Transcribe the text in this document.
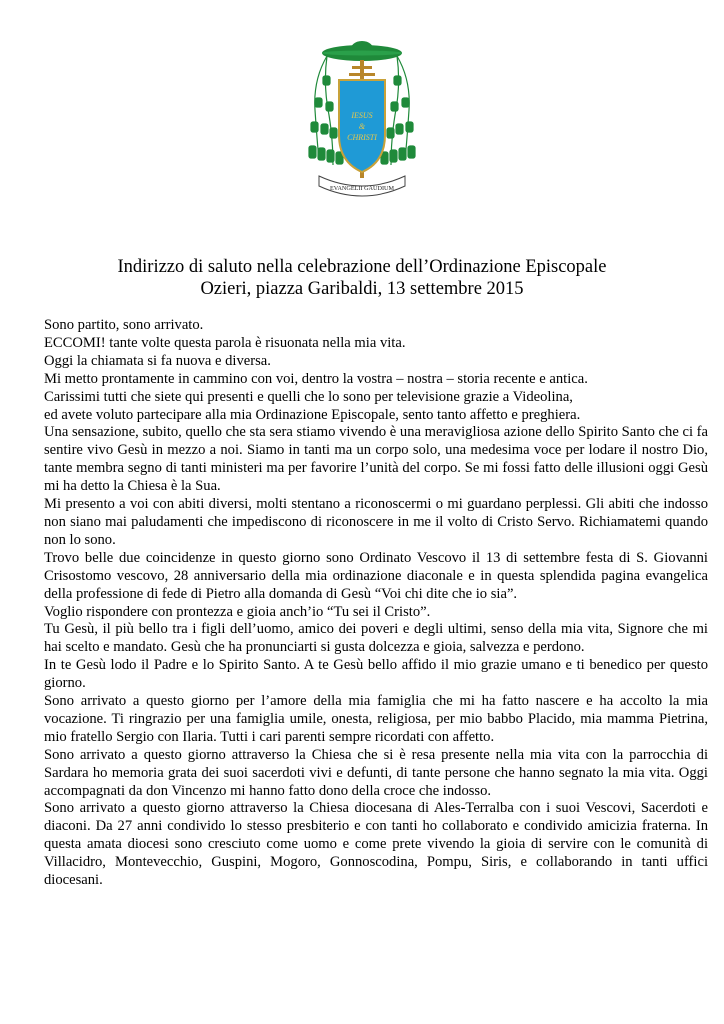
IESUS
&
CHRISTI
EVANGELII GAUDIUM
Indirizzo di saluto nella celebrazione dell’Ordinazione Episcopale
Ozieri, piazza Garibaldi, 13 settembre 2015

Sono partito, sono arrivato.

ECCOMI! tante volte questa parola è risuonata nella mia vita.

Oggi la chiamata si fa nuova e diversa.

Mi metto prontamente in cammino con voi, dentro la vostra – nostra – storia recente e antica.

Carissimi tutti che siete qui presenti e quelli che lo sono per televisione grazie a Videolina,

ed avete voluto partecipare alla mia Ordinazione Episcopale, sento tanto affetto e preghiera.

Una sensazione, subito, quello che sta sera stiamo vivendo è una meravigliosa azione dello Spirito Santo che ci fa sentire vivo Gesù in mezzo a noi. Siamo in tanti ma un corpo solo, una medesima voce per lodare il nostro Dio, tante membra segno di tanti ministeri ma per favorire l’unità del corpo. Se mi fossi fatto delle illusioni oggi Gesù mi ha detto la Chiesa è la Sua.

Mi presento a voi con abiti diversi, molti stentano a riconoscermi o mi guardano perplessi. Gli abiti che indosso non siano mai paludamenti che impediscono di riconoscere in me il volto di Cristo Servo. Richiamatemi quando non lo sono.

Trovo belle due coincidenze in questo giorno sono Ordinato Vescovo il 13 di settembre festa di S. Giovanni Crisostomo vescovo, 28 anniversario della mia ordinazione diaconale e in questa splendida pagina evangelica della professione di fede di Pietro alla domanda di Gesù “Voi chi dite che io sia”.

Voglio rispondere con prontezza e gioia anch’io “Tu sei il Cristo”.

Tu Gesù, il più bello tra i figli dell’uomo, amico dei poveri e degli ultimi, senso della mia vita, Signore che mi hai scelto e mandato. Gesù che ha pronunciarti si gusta dolcezza e gioia, salvezza e perdono.

In te Gesù lodo il Padre e lo Spirito Santo. A te Gesù bello affido il mio grazie umano e ti benedico per questo giorno.

Sono arrivato a questo giorno per l’amore della mia famiglia che mi ha fatto nascere e ha accolto la mia vocazione. Ti ringrazio per una famiglia umile, onesta, religiosa, per mio babbo Placido, mia mamma Pietrina, mio fratello Sergio con Ilaria. Tutti i cari parenti sempre ricordati con affetto.

Sono arrivato a questo giorno attraverso la Chiesa che si è resa presente nella mia vita con la parrocchia di Sardara ho memoria grata dei suoi sacerdoti vivi e defunti, di tante persone che hanno segnato la mia vita. Oggi accompagnati da don Vincenzo mi hanno fatto dono della croce che indosso.

Sono arrivato a questo giorno attraverso la Chiesa diocesana di Ales-Terralba con i suoi Vescovi, Sacerdoti e diaconi. Da 27 anni condivido lo stesso presbiterio e con tanti ho collaborato e condivido amicizia fraterna. In questa amata diocesi sono cresciuto come uomo e come prete vivendo la gioia di servire con le comunità di Villacidro, Montevecchio, Guspini, Mogoro, Gonnoscodina, Pompu, Siris, e collaborando in tanti uffici diocesani.
